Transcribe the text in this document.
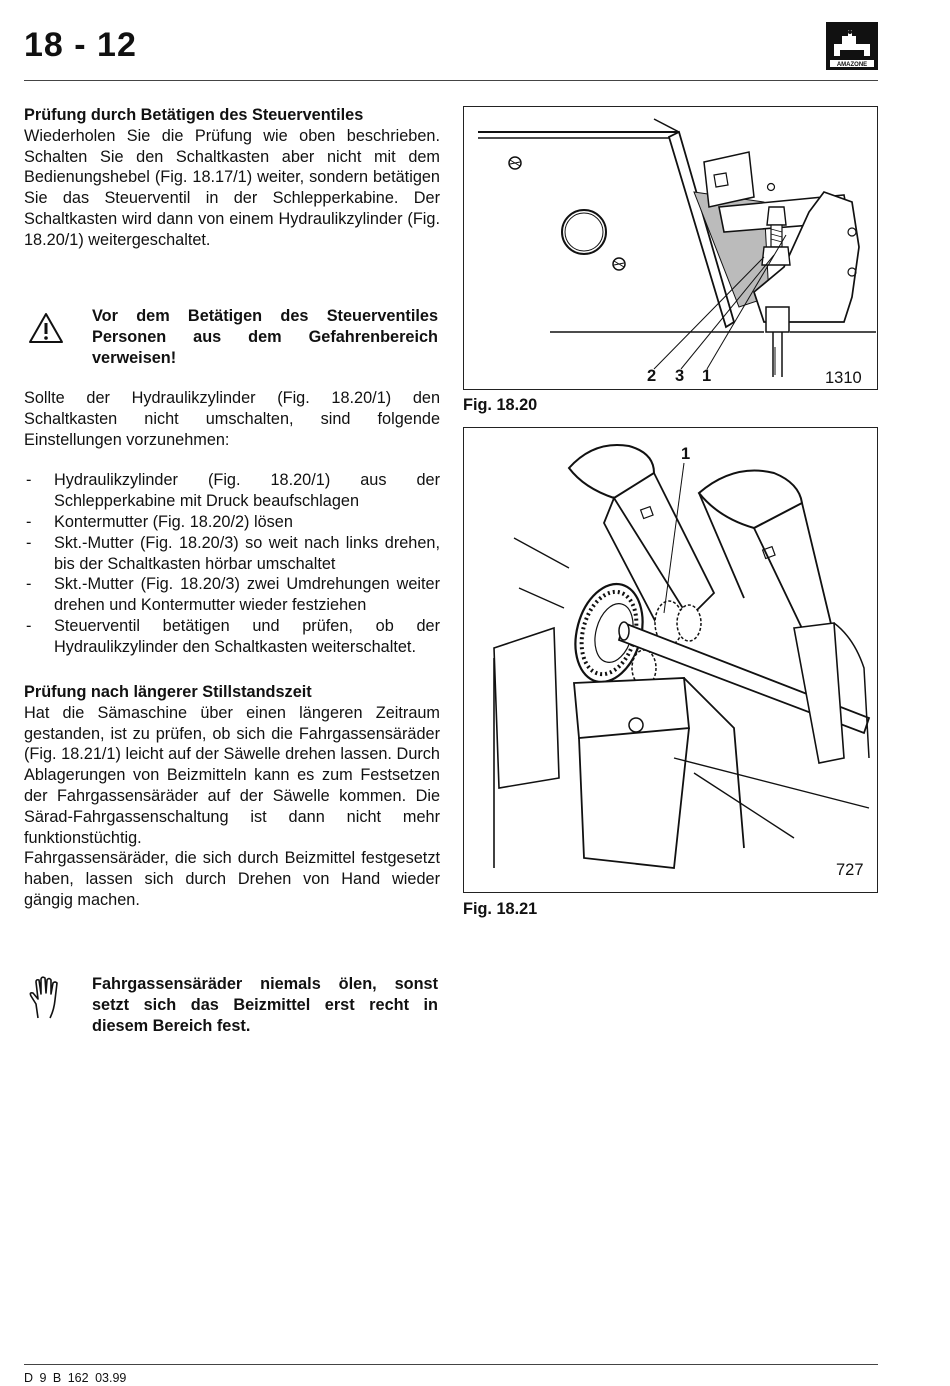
18 - 12
AMAZONE
Prüfung durch Betätigen des Steuerventiles
Wiederholen Sie die Prüfung wie oben beschrieben. Schalten Sie den Schaltkasten aber nicht mit dem Bedienungshebel (Fig. 18.17/1) weiter, sondern betätigen Sie das Steuerventil in der Schlepperkabine. Der Schaltkasten wird dann von einem Hydraulikzylinder (Fig. 18.20/1) weitergeschaltet.
Vor dem Betätigen des Steuerventiles Personen aus dem Gefahrenbereich verweisen!
Sollte der Hydraulikzylinder (Fig. 18.20/1) den Schaltkasten nicht umschalten, sind folgende Einstellungen vorzunehmen:
- Hydraulikzylinder (Fig. 18.20/1) aus der Schlepperkabine mit Druck beaufschlagen
- Kontermutter (Fig. 18.20/2) lösen
- Skt.-Mutter (Fig. 18.20/3) so weit nach links drehen, bis der Schaltkasten hörbar umschaltet
- Skt.-Mutter (Fig. 18.20/3) zwei Umdrehungen weiter drehen und Kontermutter wieder festziehen
- Steuerventil betätigen und prüfen, ob der Hydraulikzylinder den Schaltkasten weiterschaltet.
Prüfung nach längerer Stillstandszeit
Hat die Sämaschine über einen längeren Zeitraum gestanden, ist zu prüfen, ob sich die Fahrgassensäräder (Fig. 18.21/1) leicht auf der Säwelle drehen lassen. Durch Ablagerungen von Beizmitteln kann es zum Festsetzen der Fahrgassensäräder auf der Säwelle kommen. Die Särad-Fahrgassenschaltung ist dann nicht mehr funktionstüchtig.
Fahrgassensäräder, die sich durch Beizmittel festgesetzt haben, lassen sich durch Drehen von Hand wieder gängig machen.
Fahrgassensäräder niemals ölen, sonst setzt sich das Beizmittel erst recht in diesem Bereich fest.
2 3 1	1310
Fig. 18.20
1
727
Fig. 18.21
D 9 B 162 03.99
